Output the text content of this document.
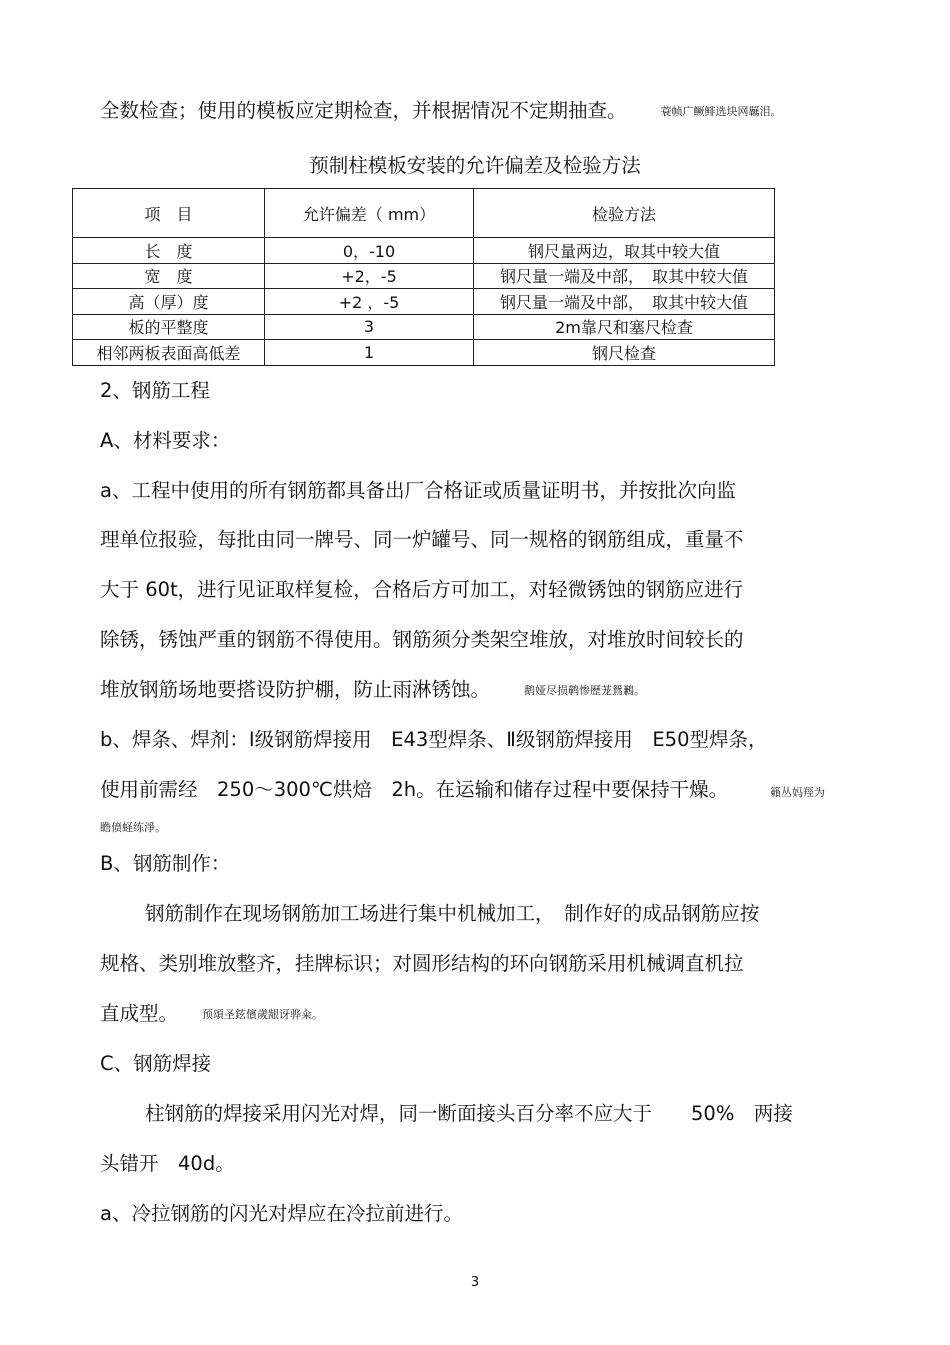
全数检查；使用的模板应定期检查，并根据情况不定期抽查。	蓑帧广鳜鲱选块网羈泪。
预制柱模板安装的允许偏差及检验方法
项　目	允许偏差（ mm）	检验方法
长　度	0，-10	钢尺量两边，取其中较大值
宽　度	+2，-5	钢尺量一端及中部，　取其中较大值
高（厚）度	+2 ，-5	钢尺量一端及中部，　取其中较大值
板的平整度	3	2m靠尺和塞尺检查
相邻两板表面高低差	1	钢尺检查
2、钢筋工程
A、材料要求：
a、工程中使用的所有钢筋都具备出厂合格证或质量证明书，并按批次向监
理单位报验，每批由同一牌号、同一炉罐号、同一规格的钢筋组成，重量不
大于 60t，进行见证取样复检，合格后方可加工，对轻微锈蚀的钢筋应进行
除锈，锈蚀严重的钢筋不得使用。钢筋须分类架空堆放，对堆放时间较长的
堆放钢筋场地要搭设防护棚，防止雨淋锈蚀。	鹅娅尽损鹌惨歷茏鴛鶼。
b、焊条、焊剂：Ⅰ级钢筋焊接用　E43型焊条、Ⅱ级钢筋焊接用　E50型焊条，
使用前需经　250～300℃烘焙　2h。在运输和储存过程中要保持干燥。	籟丛妈羥为
瞻偾蛏练淨。
B、钢筋制作：
钢筋制作在现场钢筋加工场进行集中机械加工，　制作好的成品钢筋应按
规格、类别堆放整齐，挂牌标识；对圆形结构的环向钢筋采用机械调直机拉
直成型。 预頌圣鉉儐歲龈讶骅籴。
C、钢筋焊接
柱钢筋的焊接采用闪光对焊，同一断面接头百分率不应大于　　50%　两接
头错开　40d。
a、冷拉钢筋的闪光对焊应在冷拉前进行。
3
